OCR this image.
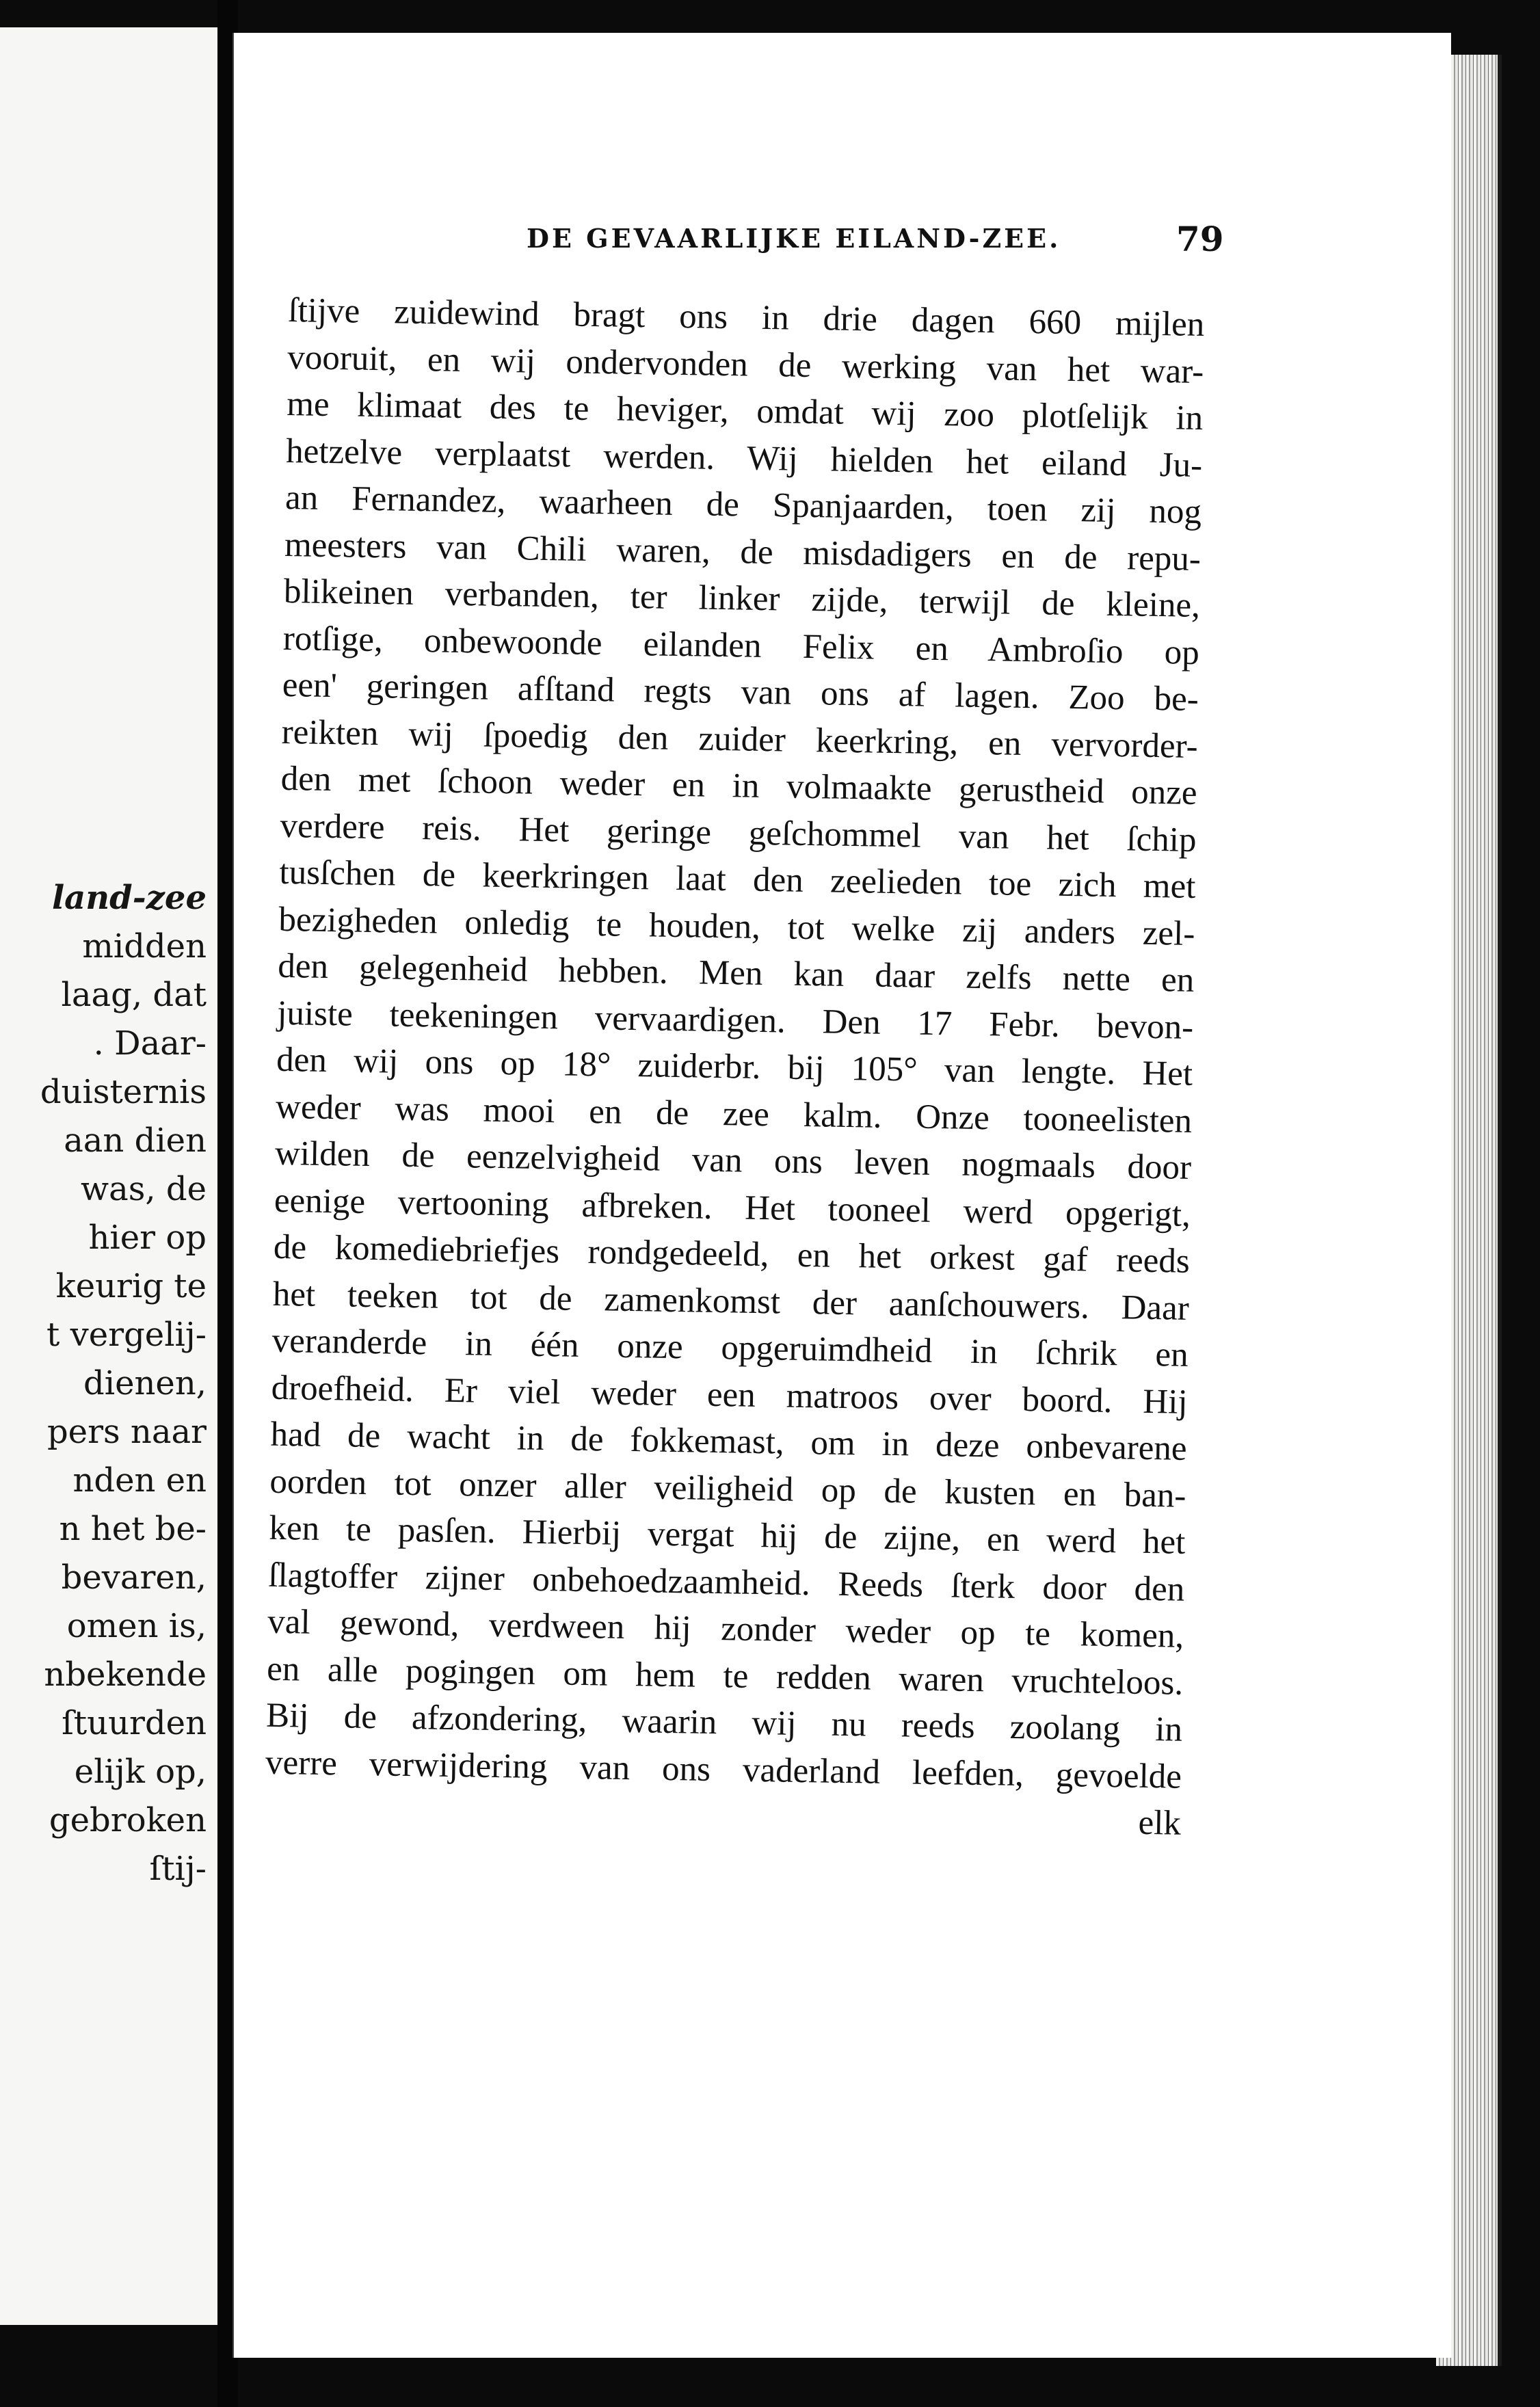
land-zee
midden
laag, dat
. Daar-
duisternis
aan dien
was, de
hier op
keurig te
t vergelij-
dienen,
pers naar
nden en
n het be-
bevaren,
omen is,
nbekende
ſtuurden
elijk op,
gebroken
ſtij-
DE GEVAARLIJKE EILAND-ZEE.	79
ſtijve zuidewind bragt ons in drie dagen 660 mijlen
vooruit, en wij ondervonden de werking van het war-
me klimaat des te heviger, omdat wij zoo plotſelijk in
hetzelve verplaatst werden. Wij hielden het eiland Ju-
an Fernandez, waarheen de Spanjaarden, toen zij nog
meesters van Chili waren, de misdadigers en de repu-
blikeinen verbanden, ter linker zijde, terwijl de kleine,
rotſige, onbewoonde eilanden Felix en Ambroſio op
een' geringen afſtand regts van ons af lagen. Zoo be-
reikten wij ſpoedig den zuider keerkring, en vervorder-
den met ſchoon weder en in volmaakte gerustheid onze
verdere reis. Het geringe geſchommel van het ſchip
tusſchen de keerkringen laat den zeelieden toe zich met
bezigheden onledig te houden, tot welke zij anders zel-
den gelegenheid hebben. Men kan daar zelfs nette en
juiste teekeningen vervaardigen. Den 17 Febr. bevon-
den wij ons op 18° zuiderbr. bij 105° van lengte. Het
weder was mooi en de zee kalm. Onze tooneelisten
wilden de eenzelvigheid van ons leven nogmaals door
eenige vertooning afbreken. Het tooneel werd opgerigt,
de komediebriefjes rondgedeeld, en het orkest gaf reeds
het teeken tot de zamenkomst der aanſchouwers. Daar
veranderde in één onze opgeruimdheid in ſchrik en
droefheid. Er viel weder een matroos over boord. Hij
had de wacht in de fokkemast, om in deze onbevarene
oorden tot onzer aller veiligheid op de kusten en ban-
ken te pasſen. Hierbij vergat hij de zijne, en werd het
ſlagtoffer zijner onbehoedzaamheid. Reeds ſterk door den
val gewond, verdween hij zonder weder op te komen,
en alle pogingen om hem te redden waren vruchteloos.
Bij de afzondering, waarin wij nu reeds zoolang in
verre verwijdering van ons vaderland leefden, gevoelde
elk
